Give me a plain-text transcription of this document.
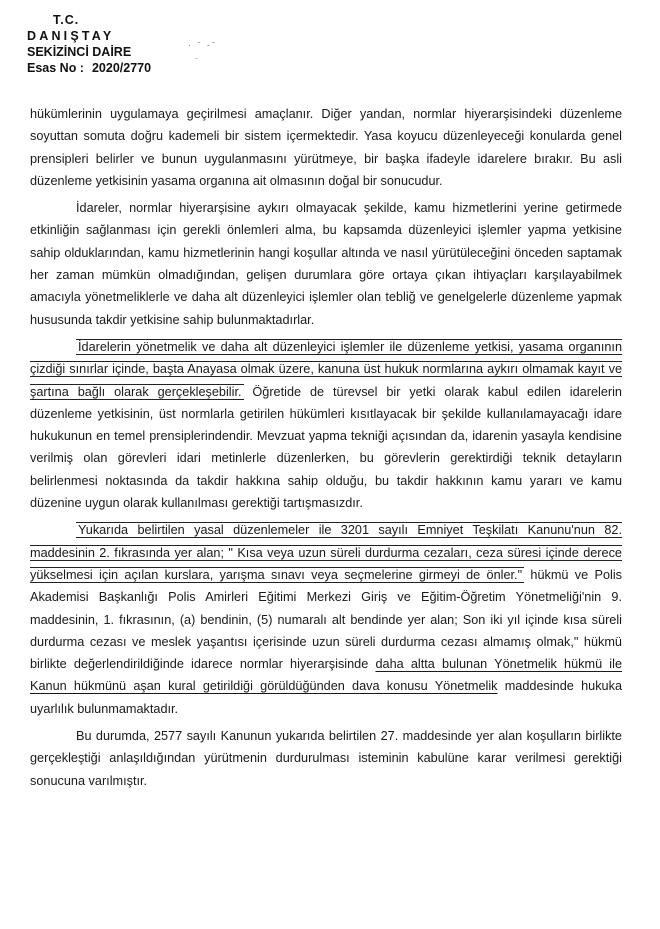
T.C.
DANIŞTAY
SEKİZİNCİ DAİRE
Esas No : 2020/2770
· ˉ -ˉ
ˉ

hükümlerinin uygulamaya geçirilmesi amaçlanır. Diğer yandan, normlar hiyerarşisindeki düzenleme soyuttan somuta doğru kademeli bir sistem içermektedir. Yasa koyucu düzenleyeceği konularda genel prensipleri belirler ve bunun uygulanmasını yürütmeye, bir başka ifadeyle idarelere bırakır. Bu asli düzenleme yetkisinin yasama organına ait olmasının doğal bir sonucudur.

İdareler, normlar hiyerarşisine aykırı olmayacak şekilde, kamu hizmetlerini yerine getirmede etkinliğin sağlanması için gerekli önlemleri alma, bu kapsamda düzenleyici işlemler yapma yetkisine sahip olduklarından, kamu hizmetlerinin hangi koşullar altında ve nasıl yürütüleceğini önceden saptamak her zaman mümkün olmadığından, gelişen durumlara göre ortaya çıkan ihtiyaçları karşılayabilmek amacıyla yönetmeliklerle ve daha alt düzenleyici işlemler olan tebliğ ve genelgelerle düzenleme yapmak hususunda takdir yetkisine sahip bulunmaktadırlar.

İdarelerin yönetmelik ve daha alt düzenleyici işlemler ile düzenleme yetkisi, yasama organının çizdiği sınırlar içinde, başta Anayasa olmak üzere, kanuna üst hukuk normlarına aykırı olmamak kayıt ve şartına bağlı olarak gerçekleşebilir. Öğretide de türevsel bir yetki olarak kabul edilen idarelerin düzenleme yetkisinin, üst normlarla getirilen hükümleri kısıtlayacak bir şekilde kullanılamayacağı idare hukukunun en temel prensiplerindendir. Mevzuat yapma tekniği açısından da, idarenin yasayla kendisine verilmiş olan görevleri idari metinlerle düzenlerken, bu görevlerin gerektirdiği teknik detayların belirlenmesi noktasında da takdir hakkına sahip olduğu, bu takdir hakkının kamu yararı ve kamu düzenine uygun olarak kullanılması gerektiği tartışmasızdır.

Yukarıda belirtilen yasal düzenlemeler ile 3201 sayılı Emniyet Teşkilatı Kanunu'nun 82. maddesinin 2. fıkrasında yer alan; " Kısa veya uzun süreli durdurma cezaları, ceza süresi içinde derece yükselmesi için açılan kurslara, yarışma sınavı veya seçmelerine girmeyi de önler." hükmü ve Polis Akademisi Başkanlığı Polis Amirleri Eğitimi Merkezi Giriş ve Eğitim-Öğretim Yönetmeliği'nin 9. maddesinin, 1. fıkrasının, (a) bendinin, (5) numaralı alt bendinde yer alan; Son iki yıl içinde kısa süreli durdurma cezası ve meslek yaşantısı içerisinde uzun süreli durdurma cezası almamış olmak," hükmü birlikte değerlendirildiğinde idarece normlar hiyerarşisinde daha altta bulunan Yönetmelik hükmü ile Kanun hükmünü aşan kural getirildiği görüldüğünden dava konusu Yönetmelik maddesinde hukuka uyarlılık bulunmamaktadır.

Bu durumda, 2577 sayılı Kanunun yukarıda belirtilen 27. maddesinde yer alan koşulların birlikte gerçekleştiği anlaşıldığından yürütmenin durdurulması isteminin kabulüne karar verilmesi gerektiği sonucuna varılmıştır.
